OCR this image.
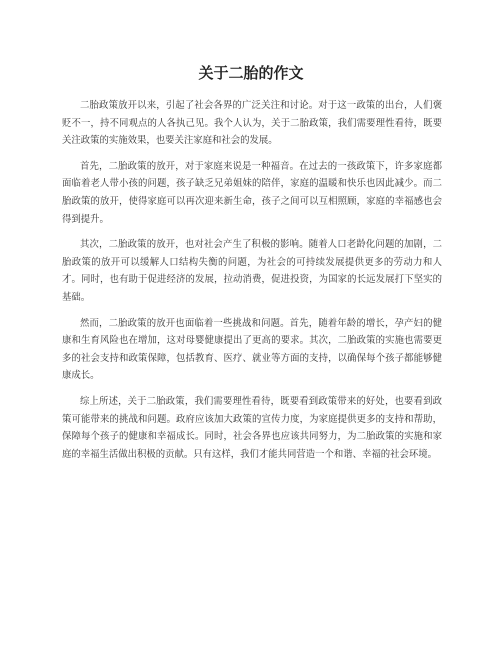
关于二胎的作文

二胎政策放开以来，引起了社会各界的广泛关注和讨论。对于这一政策的出台，人们褒贬不一，持不同观点的人各执己见。我个人认为，关于二胎政策，我们需要理性看待，既要关注政策的实施效果，也要关注家庭和社会的发展。

首先，二胎政策的放开，对于家庭来说是一种福音。在过去的一孩政策下，许多家庭都面临着老人带小孩的问题，孩子缺乏兄弟姐妹的陪伴，家庭的温暖和快乐也因此减少。而二胎政策的放开，使得家庭可以再次迎来新生命，孩子之间可以互相照顾，家庭的幸福感也会得到提升。

其次，二胎政策的放开，也对社会产生了积极的影响。随着人口老龄化问题的加剧，二胎政策的放开可以缓解人口结构失衡的问题，为社会的可持续发展提供更多的劳动力和人才。同时，也有助于促进经济的发展，拉动消费，促进投资，为国家的长远发展打下坚实的基础。

然而，二胎政策的放开也面临着一些挑战和问题。首先，随着年龄的增长，孕产妇的健康和生育风险也在增加，这对母婴健康提出了更高的要求。其次，二胎政策的实施也需要更多的社会支持和政策保障，包括教育、医疗、就业等方面的支持，以确保每个孩子都能够健康成长。

综上所述，关于二胎政策，我们需要理性看待，既要看到政策带来的好处，也要看到政策可能带来的挑战和问题。政府应该加大政策的宣传力度，为家庭提供更多的支持和帮助，保障每个孩子的健康和幸福成长。同时，社会各界也应该共同努力，为二胎政策的实施和家庭的幸福生活做出积极的贡献。只有这样，我们才能共同营造一个和谐、幸福的社会环境。
